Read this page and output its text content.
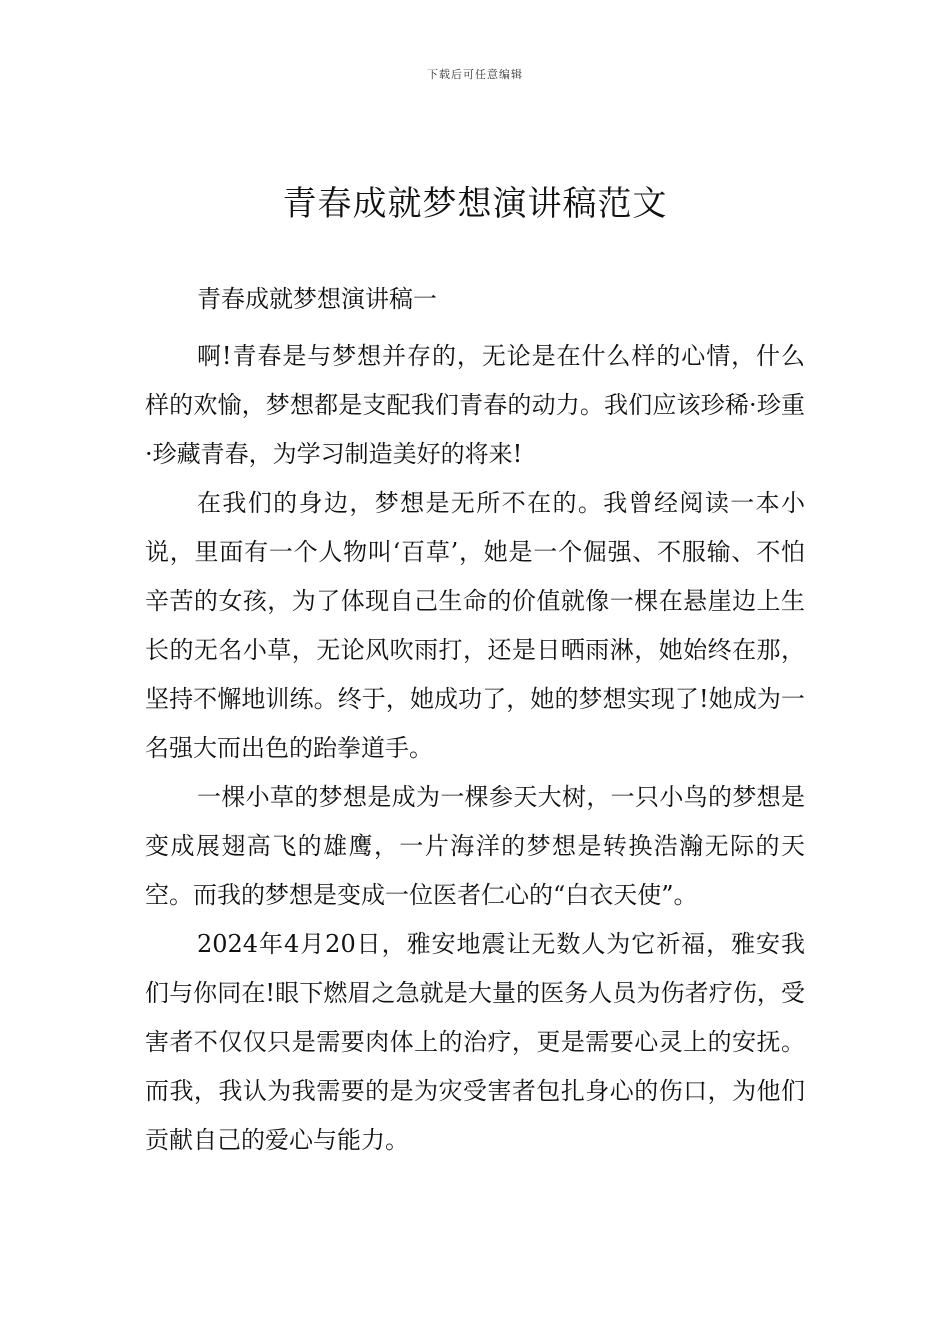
下载后可任意编辑
青春成就梦想演讲稿范文

青春成就梦想演讲稿一

啊!青春是与梦想并存的，无论是在什么样的心情，什么样的欢愉，梦想都是支配我们青春的动力。我们应该珍稀·珍重·珍藏青春，为学习制造美好的将来!

在我们的身边，梦想是无所不在的。我曾经阅读一本小说，里面有一个人物叫‘百草’，她是一个倔强、不服输、不怕辛苦的女孩，为了体现自己生命的价值就像一棵在悬崖边上生长的无名小草，无论风吹雨打，还是日晒雨淋，她始终在那，坚持不懈地训练。终于，她成功了，她的梦想实现了!她成为一名强大而出色的跆拳道手。

一棵小草的梦想是成为一棵参天大树，一只小鸟的梦想是变成展翅高飞的雄鹰，一片海洋的梦想是转换浩瀚无际的天空。而我的梦想是变成一位医者仁心的“白衣天使”。

2024年4月20日，雅安地震让无数人为它祈福，雅安我们与你同在!眼下燃眉之急就是大量的医务人员为伤者疗伤，受害者不仅仅只是需要肉体上的治疗，更是需要心灵上的安抚。而我，我认为我需要的是为灾受害者包扎身心的伤口，为他们贡献自己的爱心与能力。
